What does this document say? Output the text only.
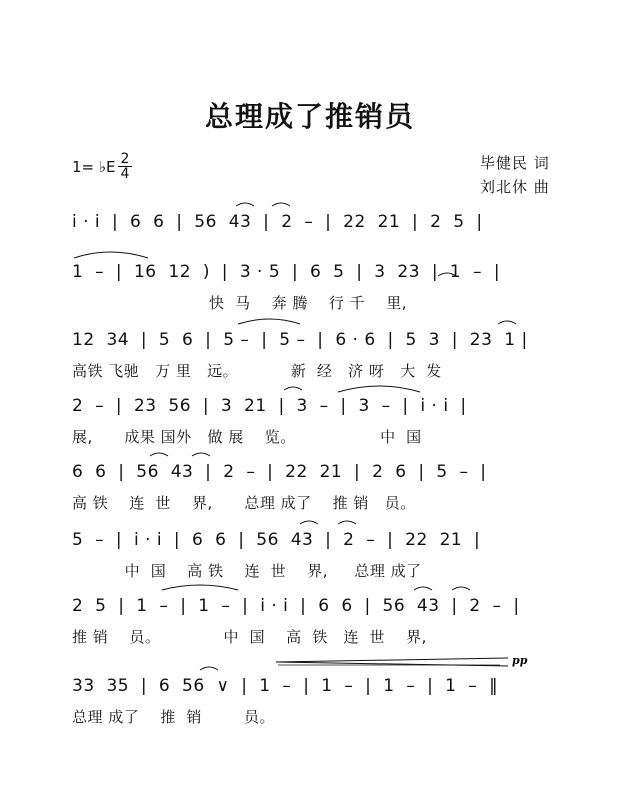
总理成了推销员
1= ♭E 2
4
毕健民 词
刘北休 曲
i · i  |  6  6  |  56  43  |  2  –  |  22  21  |  2  5  |
1  –  |  16  12  )  |  3 · 5  |  6  5  |  3  23  |  1  –  |
快  马    奔 腾    行 千    里,
12  34  |  5  6  |  5 –  |  5 –  |  6 · 6  |  5  3  |  23  1 |
高铁 飞驰   万 里   远。          新  经   济 呀   大  发
2  –  |  23  56  |  3  21  |  3  –  |  3  –  |  i · i  |
展,      成果 国外   做 展    览。                中  国
6  6  |  56  43  |  2  –  |  22  21  |  2  6  |  5  –  |
高 铁    连  世    界,      总理 成了    推 销   员。
5  –  |  i · i  |  6  6  |  56  43  |  2  –  |  22  21  |
中  国    高 铁    连  世    界,     总理 成了
2  5  |  1  –  |  1  –  |  i · i  |  6  6  |  56  43  |  2  –  |
推 销    员。            中  国    高  铁   连  世    界,
33  35  |  6  56  ∨  |  1  –  |  1  –  |  1  –  |  1  –  ‖
总理 成了    推  销        员。
pp
